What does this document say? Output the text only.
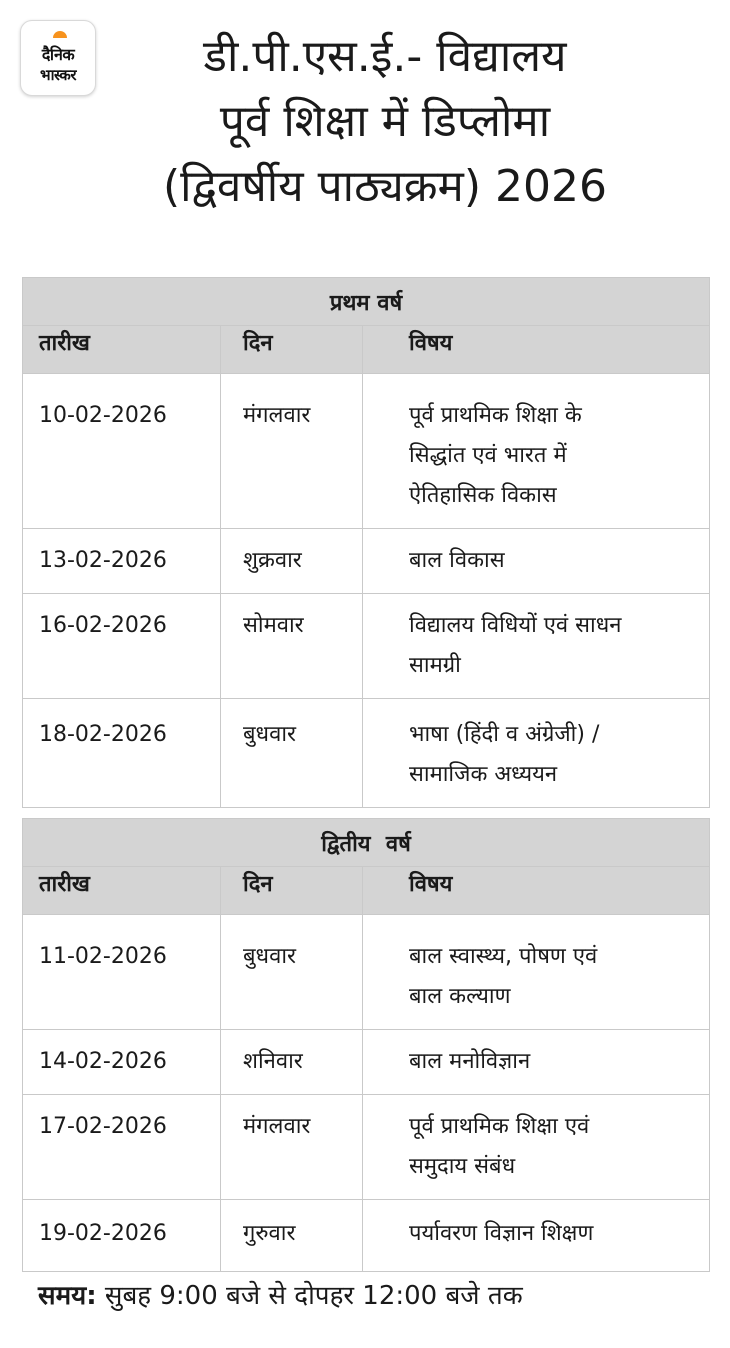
दैनिक
भास्कर	डी.पी.एस.ई.- विद्यालय
पूर्व शिक्षा में डिप्लोमा
(द्विवर्षीय पाठ्यक्रम) 2026
प्रथम वर्ष		
तारीख	दिन	विषय
10-02-2026	मंगलवार	पूर्व प्राथमिक शिक्षा के
सिद्धांत एवं भारत में
ऐतिहासिक विकास

13-02-2026	शुक्रवार	बाल विकास

16-02-2026	सोमवार	विद्यालय विधियों एवं साधन
सामग्री

18-02-2026	बुधवार	भाषा (हिंदी व अंग्रेजी) /
सामाजिक अध्ययन
द्वितीय  वर्ष		
तारीख	दिन	विषय
11-02-2026	बुधवार	बाल स्वास्थ्य, पोषण एवं
बाल कल्याण

14-02-2026	शनिवार	बाल मनोविज्ञान

17-02-2026	मंगलवार	पूर्व प्राथमिक शिक्षा एवं
समुदाय संबंध

19-02-2026	गुरुवार	पर्यावरण विज्ञान शिक्षण
समय: सुबह 9:00 बजे से दोपहर 12:00 बजे तक
